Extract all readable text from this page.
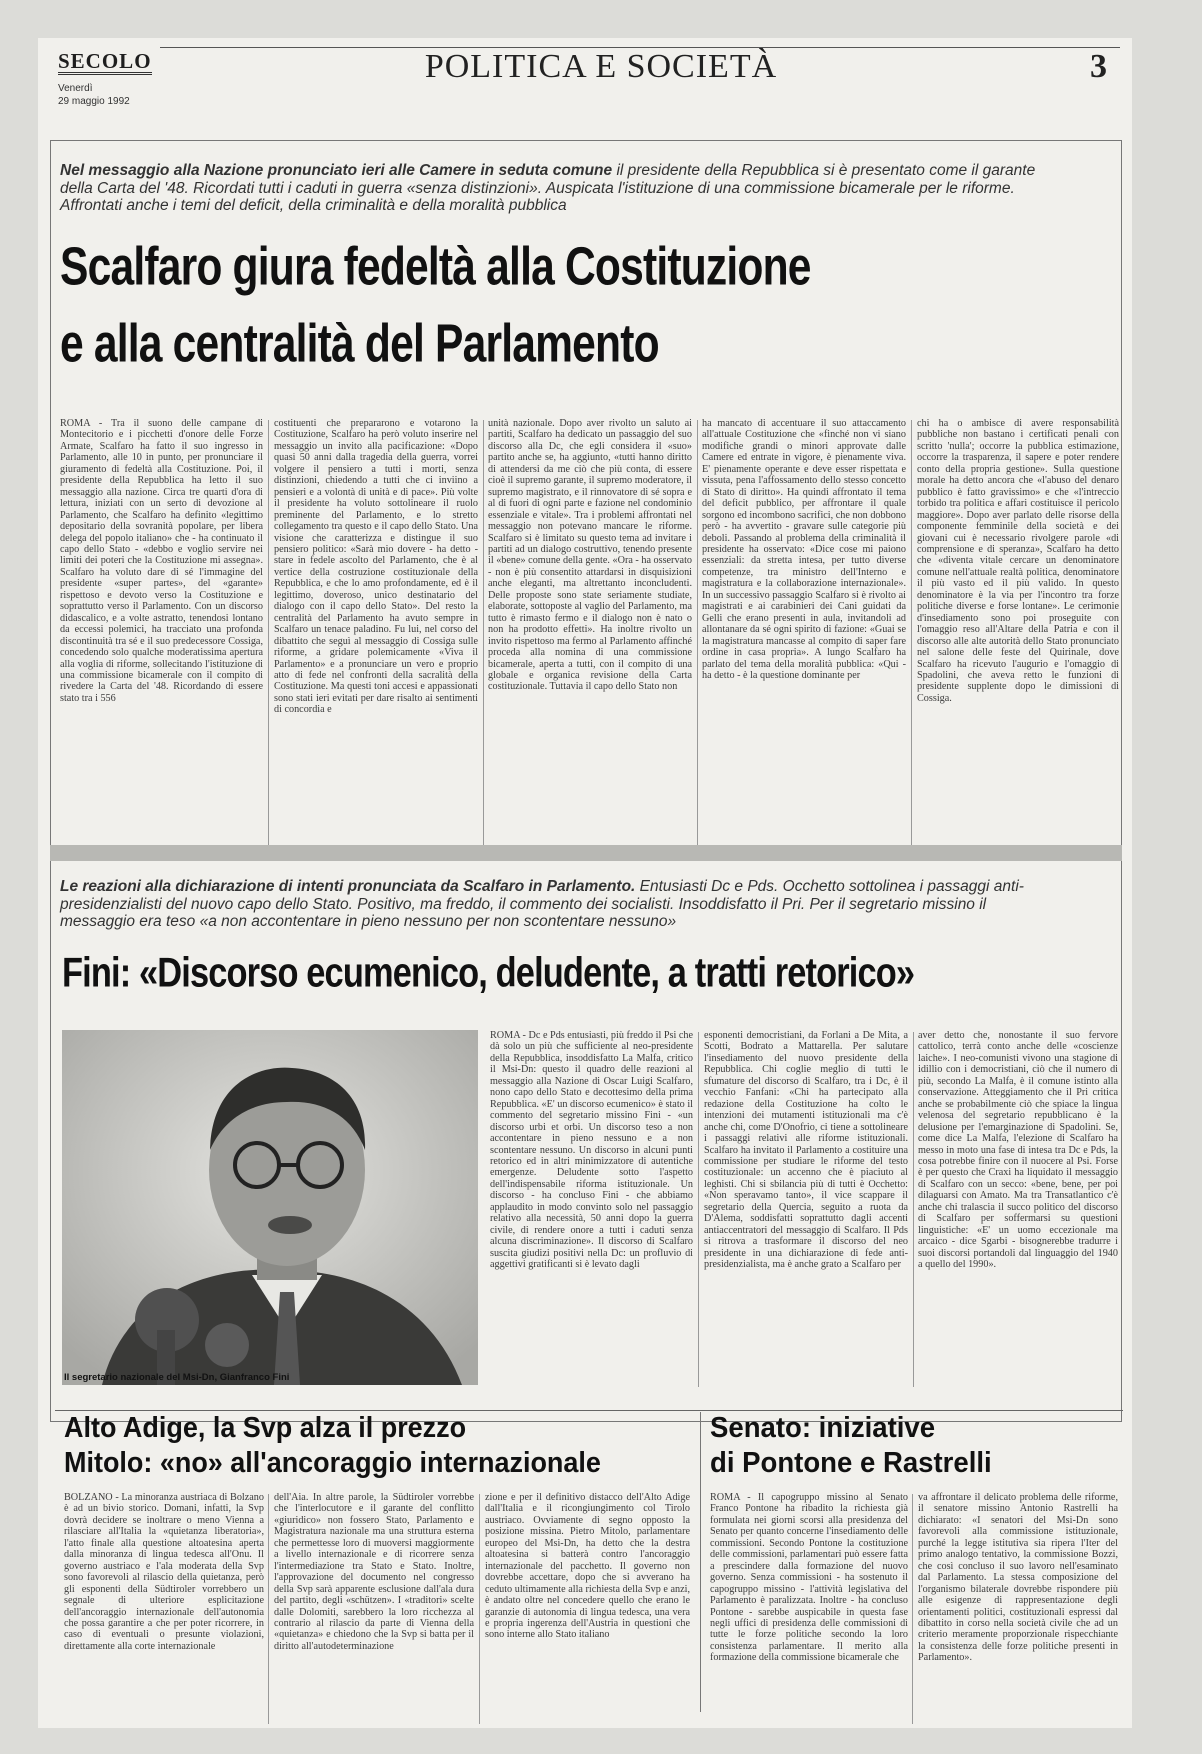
SECOLO
Venerdì
29 maggio 1992
POLITICA E SOCIETÀ	3
Nel messaggio alla Nazione pronunciato ieri alle Camere in seduta comune il presidente della Repubblica si è presentato come il garante della Carta del '48. Ricordati tutti i caduti in guerra «senza distinzioni». Auspicata l'istituzione di una commissione bicamerale per le riforme. Affrontati anche i temi del deficit, della criminalità e della moralità pubblica
Scalfaro giura fedeltà alla Costituzione
e alla centralità del Parlamento
ROMA - Tra il suono delle campane di Montecitorio e i picchetti d'onore delle Forze Armate, Scalfaro ha fatto il suo ingresso in Parlamento, alle 10 in punto, per pronunciare il giuramento di fedeltà alla Costituzione. Poi, il presidente della Repubblica ha letto il suo messaggio alla nazione. Circa tre quarti d'ora di lettura, iniziati con un serto di devozione al Parlamento, che Scalfaro ha definito «legittimo depositario della sovranità popolare, per libera delega del popolo italiano» che - ha continuato il capo dello Stato - «debbo e voglio servire nei limiti dei poteri che la Costituzione mi assegna». Scalfaro ha voluto dare di sé l'immagine del presidente «super partes», del «garante» rispettoso e devoto verso la Costituzione e soprattutto verso il Parlamento. Con un discorso didascalico, e a volte astratto, tenendosi lontano da eccessi polemici, ha tracciato una profonda discontinuità tra sé e il suo predecessore Cossiga, concedendo solo qualche moderatissima apertura alla voglia di riforme, sollecitando l'istituzione di una commissione bicamerale con il compito di rivedere la Carta del '48. Ricordando di essere stato tra i 556
costituenti che prepararono e votarono la Costituzione, Scalfaro ha però voluto inserire nel messaggio un invito alla pacificazione: «Dopo quasi 50 anni dalla tragedia della guerra, vorrei volgere il pensiero a tutti i morti, senza distinzioni, chiedendo a tutti che ci inviino a pensieri e a volontà di unità e di pace». Più volte il presidente ha voluto sottolineare il ruolo preminente del Parlamento, e lo stretto collegamento tra questo e il capo dello Stato. Una visione che caratterizza e distingue il suo pensiero politico: «Sarà mio dovere - ha detto - stare in fedele ascolto del Parlamento, che è al vertice della costruzione costituzionale della Repubblica, e che lo amo profondamente, ed è il legittimo, doveroso, unico destinatario del dialogo con il capo dello Stato». Del resto la centralità del Parlamento ha avuto sempre in Scalfaro un tenace paladino. Fu lui, nel corso del dibattito che seguì al messaggio di Cossiga sulle riforme, a gridare polemicamente «Viva il Parlamento» e a pronunciare un vero e proprio atto di fede nel confronti della sacralità della Costituzione. Ma questi toni accesi e appassionati sono stati ieri evitati per dare risalto ai sentimenti di concordia e
unità nazionale. Dopo aver rivolto un saluto ai partiti, Scalfaro ha dedicato un passaggio del suo discorso alla Dc, che egli considera il «suo» partito anche se, ha aggiunto, «tutti hanno diritto di attendersi da me ciò che più conta, di essere cioè il supremo garante, il supremo moderatore, il supremo magistrato, e il rinnovatore di sé sopra e al di fuori di ogni parte e fazione nel condominio essenziale e vitale». Tra i problemi affrontati nel messaggio non potevano mancare le riforme. Scalfaro si è limitato su questo tema ad invitare i partiti ad un dialogo costruttivo, tenendo presente il «bene» comune della gente. «Ora - ha osservato - non è più consentito attardarsi in disquisizioni anche eleganti, ma altrettanto inconcludenti. Delle proposte sono state seriamente studiate, elaborate, sottoposte al vaglio del Parlamento, ma tutto è rimasto fermo e il dialogo non è nato o non ha prodotto effetti». Ha inoltre rivolto un invito rispettoso ma fermo al Parlamento affinché proceda alla nomina di una commissione bicamerale, aperta a tutti, con il compito di una globale e organica revisione della Carta costituzionale. Tuttavia il capo dello Stato non
ha mancato di accentuare il suo attaccamento all'attuale Costituzione che «finché non vi siano modifiche grandi o minori approvate dalle Camere ed entrate in vigore, è pienamente viva. E' pienamente operante e deve esser rispettata e vissuta, pena l'affossamento dello stesso concetto di Stato di diritto». Ha quindi affrontato il tema del deficit pubblico, per affrontare il quale sorgono ed incombono sacrifici, che non dobbono però - ha avvertito - gravare sulle categorie più deboli. Passando al problema della criminalità il presidente ha osservato: «Dice cose mi paiono essenziali: da stretta intesa, per tutto diverse competenze, tra ministro dell'Interno e magistratura e la collaborazione internazionale». In un successivo passaggio Scalfaro si è rivolto ai magistrati e ai carabinieri dei Cani guidati da Gelli che erano presenti in aula, invitandoli ad allontanare da sé ogni spirito di fazione: «Guai se la magistratura mancasse al compito di saper fare ordine in casa propria». A lungo Scalfaro ha parlato del tema della moralità pubblica: «Qui - ha detto - è la questione dominante per
chi ha o ambisce di avere responsabilità pubbliche non bastano i certificati penali con scritto 'nulla'; occorre la pubblica estimazione, occorre la trasparenza, il sapere e poter rendere conto della propria gestione». Sulla questione morale ha detto ancora che «l'abuso del denaro pubblico è fatto gravissimo» e che «l'intreccio torbido tra politica e affari costituisce il pericolo maggiore». Dopo aver parlato delle risorse della componente femminile della società e dei giovani cui è necessario rivolgere parole «di comprensione e di speranza», Scalfaro ha detto che «diventa vitale cercare un denominatore comune nell'attuale realtà politica, denominatore il più vasto ed il più valido. In questo denominatore è la via per l'incontro tra forze politiche diverse e forse lontane». Le cerimonie d'insediamento sono poi proseguite con l'omaggio reso all'Altare della Patria e con il discorso alle alte autorità dello Stato pronunciato nel salone delle feste del Quirinale, dove Scalfaro ha ricevuto l'augurio e l'omaggio di Spadolini, che aveva retto le funzioni di presidente supplente dopo le dimissioni di Cossiga.
Le reazioni alla dichiarazione di intenti pronunciata da Scalfaro in Parlamento. Entusiasti Dc e Pds. Occhetto sottolinea i passaggi anti-presidenzialisti del nuovo capo dello Stato. Positivo, ma freddo, il commento dei socialisti. Insoddisfatto il Pri. Per il segretario missino il messaggio era teso «a non accontentare in pieno nessuno per non scontentare nessuno»
Fini: «Discorso ecumenico, deludente, a tratti retorico»
Il segretario nazionale del Msi-Dn, Gianfranco Fini
ROMA - Dc e Pds entusiasti, più freddo il Psi che dà solo un più che sufficiente al neo-presidente della Repubblica, insoddisfatto La Malfa, critico il Msi-Dn: questo il quadro delle reazioni al messaggio alla Nazione di Oscar Luigi Scalfaro, nono capo dello Stato e decottesimo della prima Repubblica. «E' un discorso ecumenico» è stato il commento del segretario missino Fini - «un discorso urbi et orbi. Un discorso teso a non accontentare in pieno nessuno e a non scontentare nessuno. Un discorso in alcuni punti retorico ed in altri minimizzatore di autentiche emergenze. Deludente sotto l'aspetto dell'indispensabile riforma istituzionale. Un discorso - ha concluso Fini - che abbiamo applaudito in modo convinto solo nel passaggio relativo alla necessità, 50 anni dopo la guerra civile, di rendere onore a tutti i caduti senza alcuna discriminazione». Il discorso di Scalfaro suscita giudizi positivi nella Dc: un profluvio di aggettivi gratificanti si è levato dagli
esponenti democristiani, da Forlani a De Mita, a Scotti, Bodrato a Mattarella. Per salutare l'insediamento del nuovo presidente della Repubblica. Chi coglie meglio di tutti le sfumature del discorso di Scalfaro, tra i Dc, è il vecchio Fanfani: «Chi ha partecipato alla redazione della Costituzione ha colto le intenzioni dei mutamenti istituzionali ma c'è anche chi, come D'Onofrio, ci tiene a sottolineare i passaggi relativi alle riforme istituzionali. Scalfaro ha invitato il Parlamento a costituire una commissione per studiare le riforme del testo costituzionale: un accenno che è piaciuto al leghisti. Chi si sbilancia più di tutti è Occhetto: «Non speravamo tanto», il vice scappare il segretario della Quercia, seguito a ruota da D'Alema, soddisfatti soprattutto dagli accenti antiaccentratori del messaggio di Scalfaro. Il Pds si ritrova a trasformare il discorso del neo presidente in una dichiarazione di fede anti-presidenzialista, ma è anche grato a Scalfaro per
aver detto che, nonostante il suo fervore cattolico, terrà conto anche delle «coscienze laiche». I neo-comunisti vivono una stagione di idillio con i democristiani, ciò che il numero di più, secondo La Malfa, è il comune istinto alla conservazione. Atteggiamento che il Pri critica anche se probabilmente ciò che spiace la lingua velenosa del segretario repubblicano è la delusione per l'emarginazione di Spadolini. Se, come dice La Malfa, l'elezione di Scalfaro ha messo in moto una fase di intesa tra Dc e Pds, la cosa potrebbe finire con il nuocere al Psi. Forse è per questo che Craxi ha liquidato il messaggio di Scalfaro con un secco: «bene, bene, per poi dilaguarsi con Amato. Ma tra Transatlantico c'è anche chi tralascia il succo politico del discorso di Scalfaro per soffermarsi su questioni linguistiche: «E' un uomo eccezionale ma arcaico - dice Sgarbi - bisognerebbe tradurre i suoi discorsi portandoli dal linguaggio del 1940 a quello del 1990».
Alto Adige, la Svp alza il prezzo
Mitolo: «no» all'ancoraggio internazionale
BOLZANO - La minoranza austriaca di Bolzano è ad un bivio storico. Domani, infatti, la Svp dovrà decidere se inoltrare o meno Vienna a rilasciare all'Italia la «quietanza liberatoria», l'atto finale alla questione altoatesina aperta dalla minoranza di lingua tedesca all'Onu. Il governo austriaco e l'ala moderata della Svp sono favorevoli al rilascio della quietanza, però gli esponenti della Südtiroler vorrebbero un segnale di ulteriore esplicitazione dell'ancoraggio internazionale dell'autonomia che possa garantire a che per poter ricorrere, in caso di eventuali o presunte violazioni, direttamente alla corte internazionale
dell'Aia. In altre parole, la Südtiroler vorrebbe che l'interlocutore e il garante del conflitto «giuridico» non fossero Stato, Parlamento e Magistratura nazionale ma una struttura esterna che permettesse loro di muoversi maggiormente a livello internazionale e di ricorrere senza l'intermediazione tra Stato e Stato. Inoltre, l'approvazione del documento nel congresso della Svp sarà apparente esclusione dall'ala dura del partito, degli «schützen». I «traditori» scelte dalle Dolomiti, sarebbero la loro ricchezza al contrario al rilascio da parte di Vienna della «quietanza» e chiedono che la Svp si batta per il diritto all'autodeterminazione
zione e per il definitivo distacco dell'Alto Adige dall'Italia e il ricongiungimento col Tirolo austriaco. Ovviamente di segno opposto la posizione missina. Pietro Mitolo, parlamentare europeo del Msi-Dn, ha detto che la destra altoatesina si batterà contro l'ancoraggio internazionale del pacchetto. Il governo non dovrebbe accettare, dopo che si avverano ha ceduto ultimamente alla richiesta della Svp e anzi, è andato oltre nel concedere quello che erano le garanzie di autonomia di lingua tedesca, una vera e propria ingerenza dell'Austria in questioni che sono interne allo Stato italiano
Senato: iniziative
di Pontone e Rastrelli
ROMA - Il capogruppo missino al Senato Franco Pontone ha ribadito la richiesta già formulata nei giorni scorsi alla presidenza del Senato per quanto concerne l'insediamento delle commissioni. Secondo Pontone la costituzione delle commissioni, parlamentari può essere fatta a prescindere dalla formazione del nuovo governo. Senza commissioni - ha sostenuto il capogruppo missino - l'attività legislativa del Parlamento è paralizzata. Inoltre - ha concluso Pontone - sarebbe auspicabile in questa fase negli uffici di presidenza delle commissioni di tutte le forze politiche secondo la loro consistenza parlamentare. Il merito alla formazione della commissione bicamerale che
va affrontare il delicato problema delle riforme, il senatore missino Antonio Rastrelli ha dichiarato: «I senatori del Msi-Dn sono favorevoli alla commissione istituzionale, purché la legge istitutiva sia ripera l'Iter del primo analogo tentativo, la commissione Bozzi, che così concluso il suo lavoro nell'esaminato dal Parlamento. La stessa composizione del l'organismo bilaterale dovrebbe rispondere più alle esigenze di rappresentazione degli orientamenti politici, costituzionali espressi dal dibattito in corso nella società civile che ad un criterio meramente proporzionale rispecchiante la consistenza delle forze politiche presenti in Parlamento».
